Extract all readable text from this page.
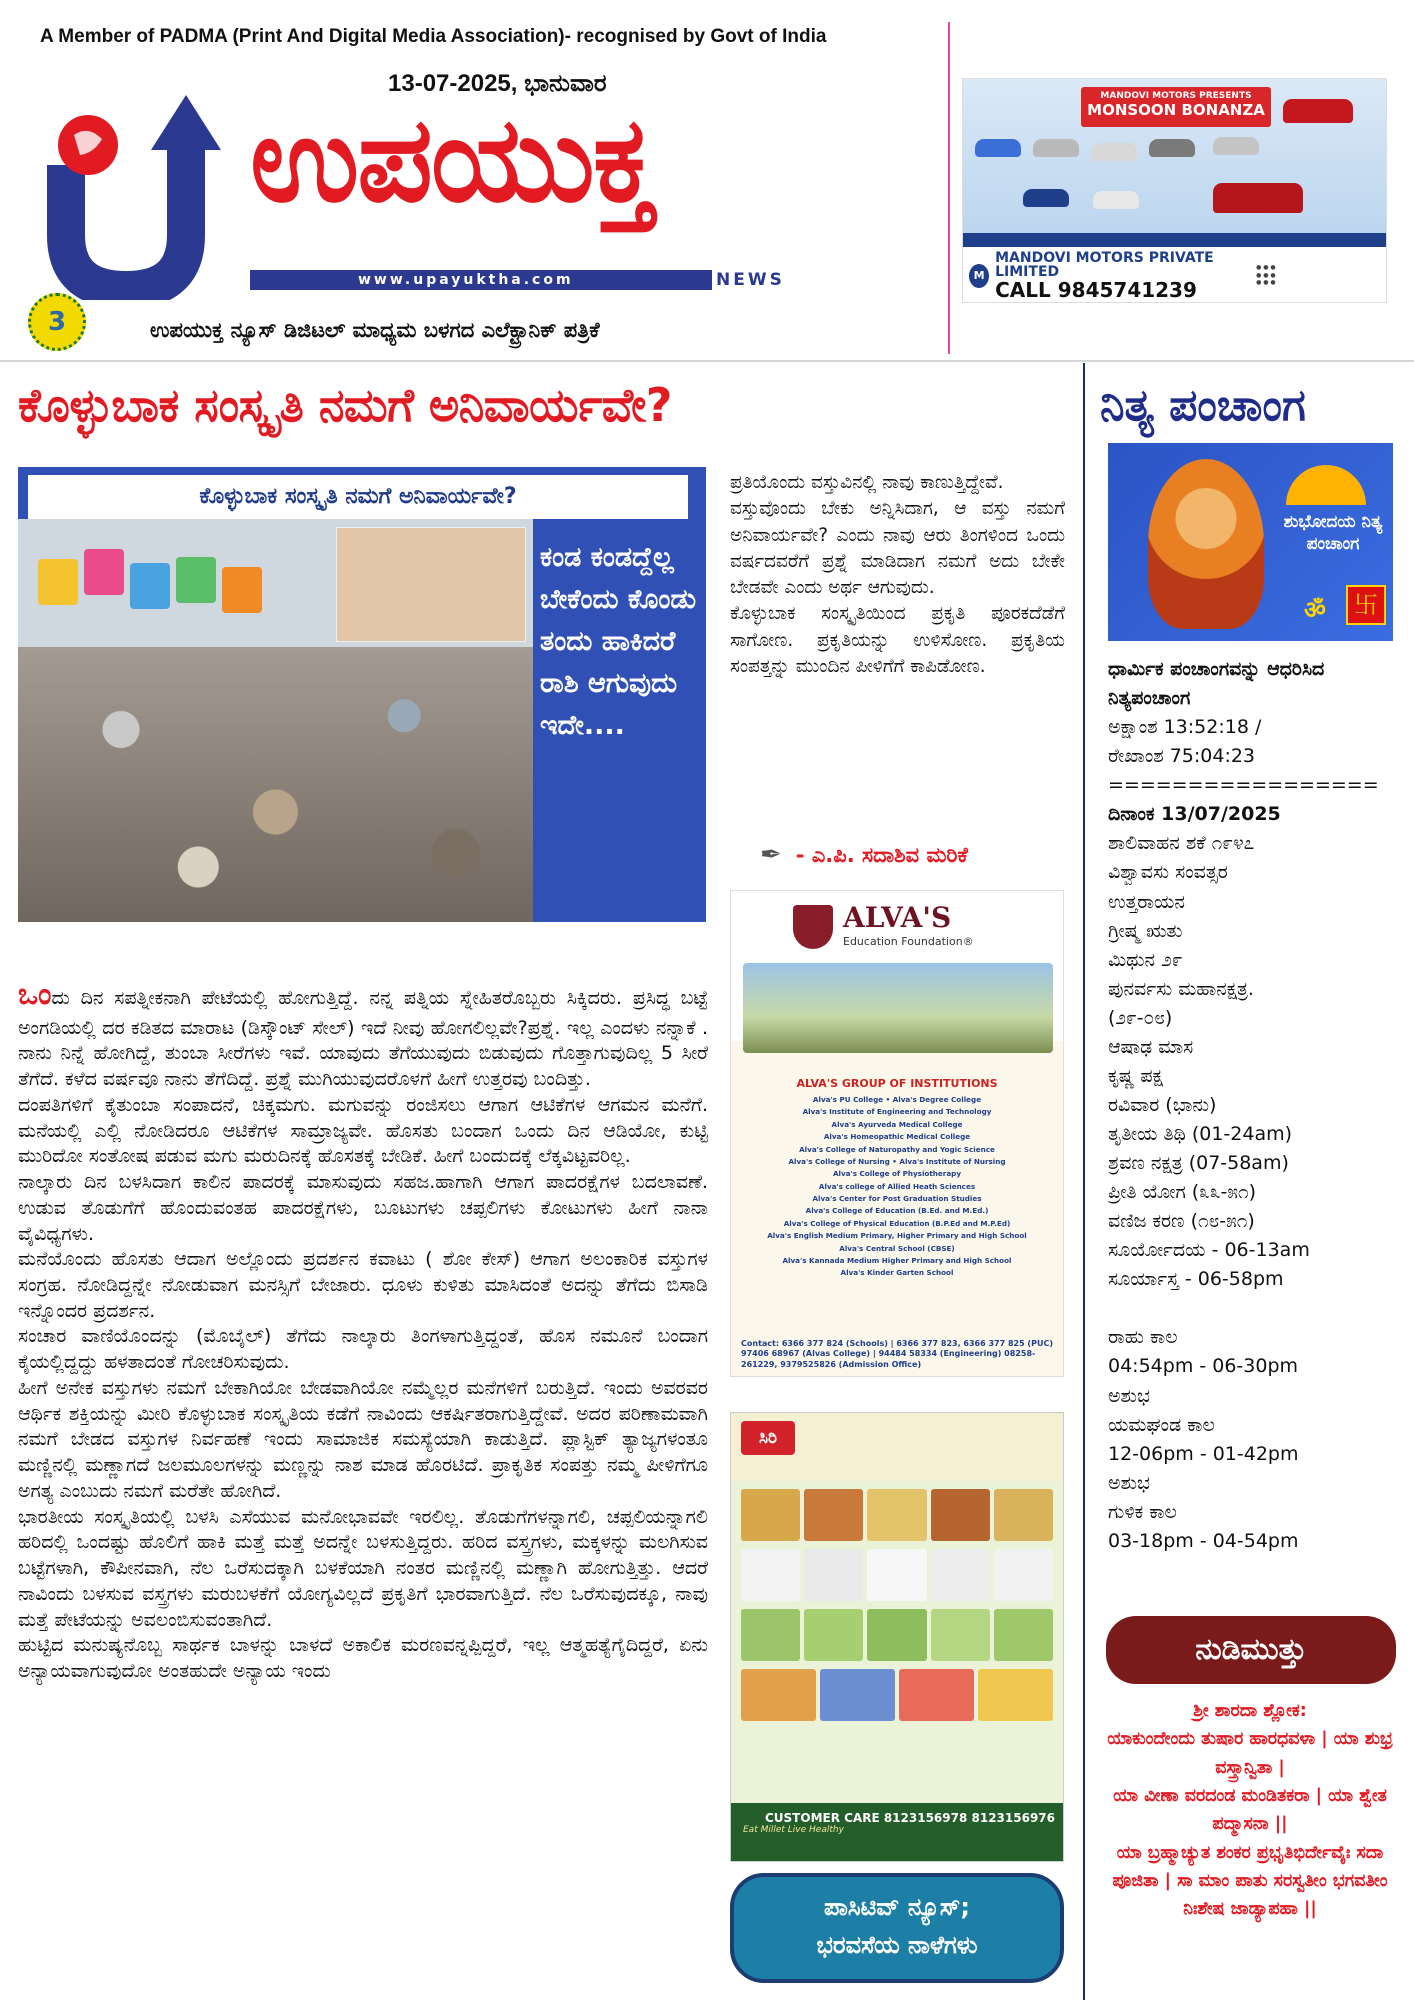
A Member of PADMA (Print And Digital Media Association)- recognised by Govt of India
13-07-2025, ಭಾನುವಾರ
ಉಪಯುಕ್ತ
www.upayuktha.com	NEWS
3	ಉಪಯುಕ್ತ ನ್ಯೂಸ್ ಡಿಜಿಟಲ್ ಮಾಧ್ಯಮ ಬಳಗದ ಎಲೆಕ್ಟ್ರಾನಿಕ್ ಪತ್ರಿಕೆ
MANDOVI MOTORS PRESENTS
MONSOON BONANZA
M
MANDOVI MOTORS PRIVATE LIMITED
CALL 9845741239
● ● ●
● ● ●
● ● ●
ಕೊಳ್ಳುಬಾಕ ಸಂಸ್ಕೃತಿ ನಮಗೆ ಅನಿವಾರ್ಯವೇ?
ಕೊಳ್ಳುಬಾಕ ಸಂಸ್ಕೃತಿ ನಮಗೆ ಅನಿವಾರ್ಯವೇ?
ಕಂಡ ಕಂಡದ್ದೆಲ್ಲ ಬೇಕೆಂದು ಕೊಂಡು ತಂದು ಹಾಕಿದರೆ ರಾಶಿ ಆಗುವುದು ಇದೇ....

ಒಂದು ದಿನ ಸಪತ್ನೀಕನಾಗಿ ಪೇಟೆಯಲ್ಲಿ ಹೋಗುತ್ತಿದ್ದೆ. ನನ್ನ ಪತ್ನಿಯ ಸ್ನೇಹಿತರೊಬ್ಬರು ಸಿಕ್ಕಿದರು. ಪ್ರಸಿದ್ಧ ಬಟ್ಟೆ ಅಂಗಡಿಯಲ್ಲಿ ದರ ಕಡಿತದ ಮಾರಾಟ (ಡಿಸ್ಕೌಂಟ್ ಸೇಲ್) ಇದೆ ನೀವು ಹೋಗಲಿಲ್ಲವೇ?ಪ್ರಶ್ನೆ. ಇಲ್ಲ ಎಂದಳು ನನ್ನಾಕೆ . ನಾನು ನಿನ್ನೆ ಹೋಗಿದ್ದೆ, ತುಂಬಾ ಸೀರೆಗಳು ಇವೆ. ಯಾವುದು ತೆಗೆಯುವುದು ಬಿಡುವುದು ಗೊತ್ತಾಗುವುದಿಲ್ಲ 5 ಸೀರೆ ತೆಗೆದೆ. ಕಳೆದ ವರ್ಷವೂ ನಾನು ತೆಗೆದಿದ್ದೆ. ಪ್ರಶ್ನೆ ಮುಗಿಯುವುದರೊಳಗೆ ಹೀಗೆ ಉತ್ತರವು ಬಂದಿತ್ತು.

ದಂಪತಿಗಳಿಗೆ ಕೈತುಂಬಾ ಸಂಪಾದನೆ, ಚಿಕ್ಕಮಗು. ಮಗುವನ್ನು ರಂಜಿಸಲು ಆಗಾಗ ಆಟಿಕೆಗಳ ಆಗಮನ ಮನೆಗೆ. ಮನೆಯಲ್ಲಿ ಎಲ್ಲಿ ನೋಡಿದರೂ ಆಟಿಕೆಗಳ ಸಾಮ್ರಾಜ್ಯವೇ. ಹೊಸತು ಬಂದಾಗ ಒಂದು ದಿನ ಆಡಿಯೋ, ಕುಟ್ಟಿ ಮುರಿದೋ ಸಂತೋಷ ಪಡುವ ಮಗು ಮರುದಿನಕ್ಕೆ ಹೊಸತಕ್ಕೆ ಬೇಡಿಕೆ. ಹೀಗೆ ಬಂದುದಕ್ಕೆ ಲೆಕ್ಕವಿಟ್ಟವರಿಲ್ಲ.

ನಾಲ್ಕಾರು ದಿನ ಬಳಸಿದಾಗ ಕಾಲಿನ ಪಾದರಕ್ಕೆ ಮಾಸುವುದು ಸಹಜ.ಹಾಗಾಗಿ ಆಗಾಗ ಪಾದರಕ್ಷೆಗಳ ಬದಲಾವಣೆ. ಉಡುವ ತೊಡುಗೆಗೆ ಹೊಂದುವಂತಹ ಪಾದರಕ್ಷೆಗಳು, ಬೂಟುಗಳು ಚಪ್ಪಲಿಗಳು ಕೋಟುಗಳು ಹೀಗೆ ನಾನಾ ವೈವಿಧ್ಯಗಳು.

ಮನೆಯೊಂದು ಹೊಸತು ಆದಾಗ ಅಲ್ಲೊಂದು ಪ್ರದರ್ಶನ ಕವಾಟು ( ಶೋ ಕೇಸ್) ಆಗಾಗ ಅಲಂಕಾರಿಕ ವಸ್ತುಗಳ ಸಂಗ್ರಹ. ನೋಡಿದ್ದನ್ನೇ ನೋಡುವಾಗ ಮನಸ್ಸಿಗೆ ಬೇಜಾರು. ಧೂಳು ಕುಳಿತು ಮಾಸಿದಂತೆ ಅದನ್ನು ತೆಗೆದು ಬಿಸಾಡಿ ಇನ್ನೊಂದರ ಪ್ರದರ್ಶನ.

ಸಂಚಾರ ವಾಣಿಯೊಂದನ್ನು (ಮೊಬೈಲ್) ತೆಗೆದು ನಾಲ್ಕಾರು ತಿಂಗಳಾಗುತ್ತಿದ್ದಂತೆ, ಹೊಸ ನಮೂನೆ ಬಂದಾಗ ಕೈಯಲ್ಲಿದ್ದದ್ದು ಹಳತಾದಂತೆ ಗೋಚರಿಸುವುದು.

ಹೀಗೆ ಅನೇಕ ವಸ್ತುಗಳು ನಮಗೆ ಬೇಕಾಗಿಯೋ ಬೇಡವಾಗಿಯೋ ನಮ್ಮೆಲ್ಲರ ಮನೆಗಳಿಗೆ ಬರುತ್ತಿದೆ. ಇಂದು ಅವರವರ ಆರ್ಥಿಕ ಶಕ್ತಿಯನ್ನು ಮೀರಿ ಕೊಳ್ಳುಬಾಕ ಸಂಸ್ಕೃತಿಯ ಕಡೆಗೆ ನಾವಿಂದು ಆಕರ್ಷಿತರಾಗುತ್ತಿದ್ದೇವೆ. ಅದರ ಪರಿಣಾಮವಾಗಿ ನಮಗೆ ಬೇಡದ ವಸ್ತುಗಳ ನಿರ್ವಹಣೆ ಇಂದು ಸಾಮಾಜಿಕ ಸಮಸ್ಯೆಯಾಗಿ ಕಾಡುತ್ತಿದೆ. ಪ್ಲಾಸ್ಟಿಕ್ ತ್ಯಾಜ್ಯಗಳಂತೂ ಮಣ್ಣಿನಲ್ಲಿ ಮಣ್ಣಾಗದೆ ಜಲಮೂಲಗಳನ್ನು ಮಣ್ಣನ್ನು ನಾಶ ಮಾಡ ಹೊರಟಿದೆ. ಪ್ರಾಕೃತಿಕ ಸಂಪತ್ತು ನಮ್ಮ ಪೀಳಿಗೆಗೂ ಅಗತ್ಯ ಎಂಬುದು ನಮಗೆ ಮರೆತೇ ಹೋಗಿದೆ.

ಭಾರತೀಯ ಸಂಸ್ಕೃತಿಯಲ್ಲಿ ಬಳಸಿ ಎಸೆಯುವ ಮನೋಭಾವವೇ ಇರಲಿಲ್ಲ. ತೊಡುಗೆಗಳನ್ನಾಗಲಿ, ಚಪ್ಪಲಿಯನ್ನಾಗಲಿ ಹರಿದಲ್ಲಿ ಒಂದಷ್ಟು ಹೊಲಿಗೆ ಹಾಕಿ ಮತ್ತೆ ಮತ್ತೆ ಅದನ್ನೇ ಬಳಸುತ್ತಿದ್ದರು. ಹರಿದ ವಸ್ತ್ರಗಳು, ಮಕ್ಕಳನ್ನು ಮಲಗಿಸುವ ಬಟ್ಟೆಗಳಾಗಿ, ಕೌಪೀನವಾಗಿ, ನೆಲ ಒರೆಸುದಕ್ಕಾಗಿ ಬಳಕೆಯಾಗಿ ನಂತರ ಮಣ್ಣಿನಲ್ಲಿ ಮಣ್ಣಾಗಿ ಹೋಗುತ್ತಿತ್ತು. ಆದರೆ ನಾವಿಂದು ಬಳಸುವ ವಸ್ತ್ರಗಳು ಮರುಬಳಕೆಗೆ ಯೋಗ್ಯವಿಲ್ಲದೆ ಪ್ರಕೃತಿಗೆ ಭಾರವಾಗುತ್ತಿದೆ. ನೆಲ ಒರೆಸುವುದಕ್ಕೂ, ನಾವು ಮತ್ತೆ ಪೇಟೆಯನ್ನು ಅವಲಂಬಿಸುವಂತಾಗಿದೆ.

ಹುಟ್ಟಿದ ಮನುಷ್ಯನೊಬ್ಬ ಸಾರ್ಥಕ ಬಾಳನ್ನು ಬಾಳದೆ ಅಕಾಲಿಕ ಮರಣವನ್ನಪ್ಪಿದ್ದರೆ, ಇಲ್ಲ ಆತ್ಮಹತ್ಯೆಗೈದಿದ್ದರೆ, ಏನು ಅನ್ಯಾಯವಾಗುವುದೋ ಅಂತಹುದೇ ಅನ್ಯಾಯ ಇಂದು

ಪ್ರತಿಯೊಂದು ವಸ್ತುವಿನಲ್ಲಿ ನಾವು ಕಾಣುತ್ತಿದ್ದೇವೆ.

ವಸ್ತುವೊಂದು ಬೇಕು ಅನ್ನಿಸಿದಾಗ, ಆ ವಸ್ತು ನಮಗೆ ಅನಿವಾರ್ಯವೇ? ಎಂದು ನಾವು ಆರು ತಿಂಗಳಿಂದ ಒಂದು ವರ್ಷದವರೆಗೆ ಪ್ರಶ್ನೆ ಮಾಡಿದಾಗ ನಮಗೆ ಅದು ಬೇಕೇ ಬೇಡವೇ ಎಂದು ಅರ್ಥ ಆಗುವುದು.

ಕೊಳ್ಳುಬಾಕ ಸಂಸ್ಕೃತಿಯಿಂದ ಪ್ರಕೃತಿ ಪೂರಕದೆಡೆಗೆ ಸಾಗೋಣ. ಪ್ರಕೃತಿಯನ್ನು ಉಳಿಸೋಣ. ಪ್ರಕೃತಿಯ ಸಂಪತ್ತನ್ನು ಮುಂದಿನ ಪೀಳಿಗೆಗೆ ಕಾಪಿಡೋಣ.

✒ - ಎ.ಪಿ. ಸದಾಶಿವ ಮರಿಕೆ
ALVA'S
Education Foundation®
ALVA'S GROUP OF INSTITUTIONS
Alva's PU College • Alva's Degree College
Alva's Institute of Engineering and Technology
Alva's Ayurveda Medical College
Alva's Homeopathic Medical College
Alva's College of Naturopathy and Yogic Science
Alva's College of Nursing • Alva's Institute of Nursing
Alva's College of Physiotherapy
Alva's college of Allied Heath Sciences
Alva's Center for Post Graduation Studies
Alva's College of Education (B.Ed. and M.Ed.)
Alva's College of Physical Education (B.P.Ed and M.P.Ed)
Alva's English Medium Primary, Higher Primary and High School
Alva's Central School (CBSE)
Alva's Kannada Medium Higher Primary and High School
Alva's Kinder Garten School
Contact: 6366 377 824 (Schools) | 6366 377 823, 6366 377 825 (PUC) 97406 68967 (Alvas College) | 94484 58334 (Engineering) 08258-261229, 9379525826 (Admission Office)
ಸಿರಿ
Eat Millet Live Healthy
CUSTOMER CARE 8123156978 8123156976
ಪಾಸಿಟಿವ್ ನ್ಯೂಸ್;
ಭರವಸೆಯ ನಾಳೆಗಳು
ನಿತ್ಯ ಪಂಚಾಂಗ
ಶುಭೋದಯ ನಿತ್ಯ ಪಂಚಾಂಗ
ॐ	卐
ಧಾರ್ಮಿಕ ಪಂಚಾಂಗವನ್ನು ಆಧರಿಸಿದ ನಿತ್ಯಪಂಚಾಂಗ
ಅಕ್ಷಾಂಶ 13:52:18 /
ರೇಖಾಂಶ 75:04:23
=================
ದಿನಾಂಕ 13/07/2025
ಶಾಲಿವಾಹನ ಶಕೆ ೧೯೪೭
ವಿಶ್ವಾವಸು ಸಂವತ್ಸರ
ಉತ್ತರಾಯನ
ಗ್ರೀಷ್ಮ ಋತು
ಮಿಥುನ ೨೯
ಪುನರ್ವಸು ಮಹಾನಕ್ಷತ್ರ.
(೨೯-೦೮)
ಆಷಾಢ ಮಾಸ
ಕೃಷ್ಣ ಪಕ್ಷ
ರವಿವಾರ (ಭಾನು)
ತೃತೀಯ ತಿಥಿ (01-24am)
ಶ್ರವಣ ನಕ್ಷತ್ರ (07-58am)
ಪ್ರೀತಿ ಯೋಗ (೩೩-೫೧)
ವಣಿಜ ಕರಣ (೧೮-೫೧)
ಸೂರ್ಯೋದಯ - 06-13am
ಸೂರ್ಯಾಸ್ತ - 06-58pm
ರಾಹು ಕಾಲ
04:54pm - 06-30pm
ಅಶುಭ
ಯಮಘಂಡ ಕಾಲ
12-06pm - 01-42pm
ಅಶುಭ
ಗುಳಿಕ ಕಾಲ
03-18pm - 04-54pm
ನುಡಿಮುತ್ತು
ಶ್ರೀ ಶಾರದಾ ಶ್ಲೋಕ:
ಯಾಕುಂದೇಂದು ತುಷಾರ ಹಾರಧವಳಾ | ಯಾ ಶುಭ್ರ ವಸ್ತ್ರಾನ್ವಿತಾ |
ಯಾ ವೀಣಾ ವರದಂಡ ಮಂಡಿತಕರಾ | ಯಾ ಶ್ವೇತ ಪದ್ಮಾಸನಾ ||
ಯಾ ಬ್ರಹ್ಮಾಚ್ಯುತ ಶಂಕರ ಪ್ರಭೃತಿಭಿರ್ದೇವೈಃ ಸದಾ ಪೂಜಿತಾ | ಸಾ ಮಾಂ ಪಾತು ಸರಸ್ವತೀಂ ಭಗವತೀಂ ನಿಃಶೇಷ ಜಾಡ್ಯಾಪಹಾ ||
